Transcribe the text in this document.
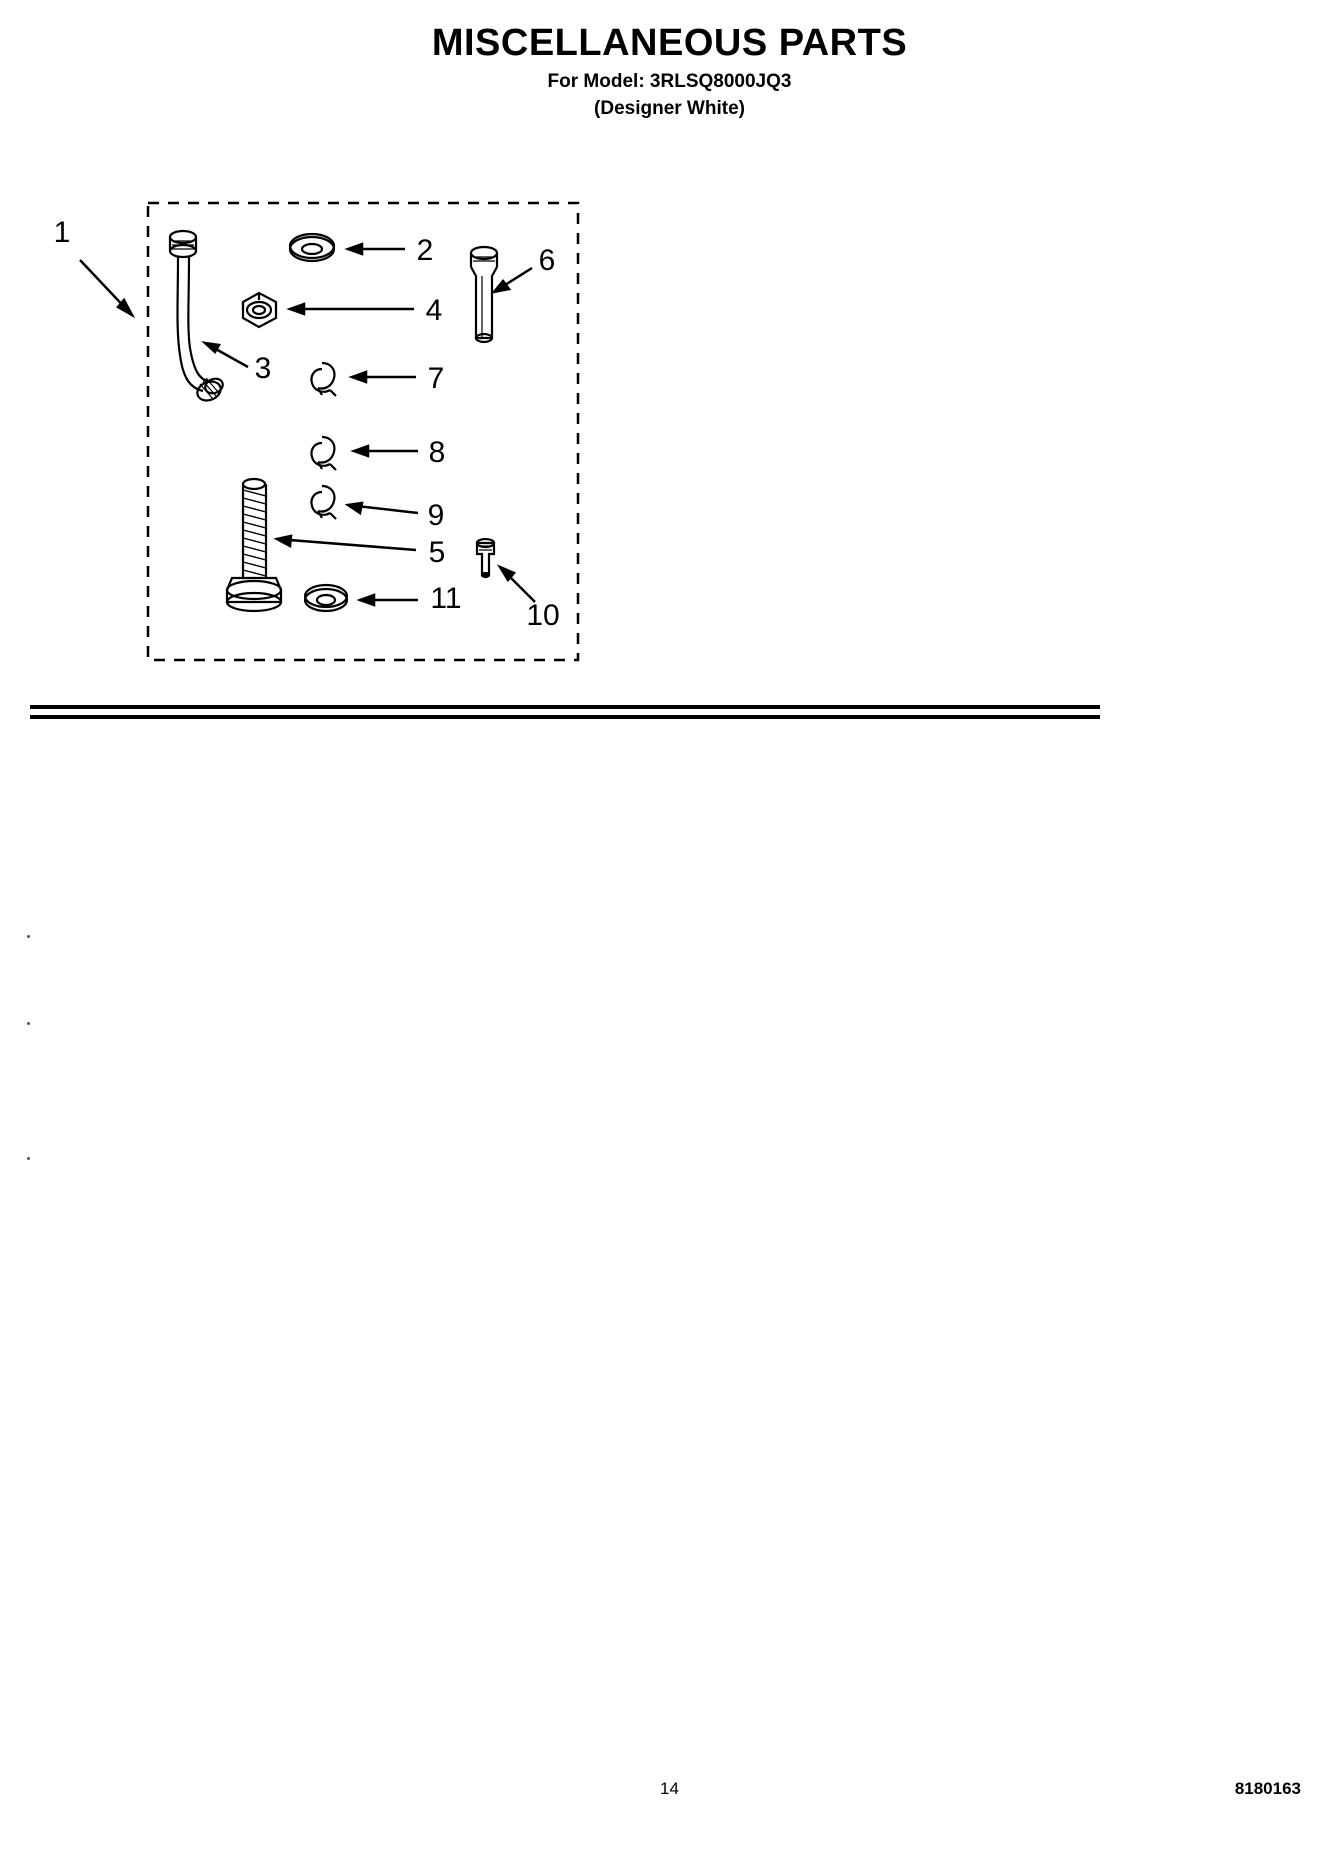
MISCELLANEOUS PARTS
For Model: 3RLSQ8000JQ3
(Designer White)
1
2
3
4
5
6
7
8
9
10
11
14	8180163
